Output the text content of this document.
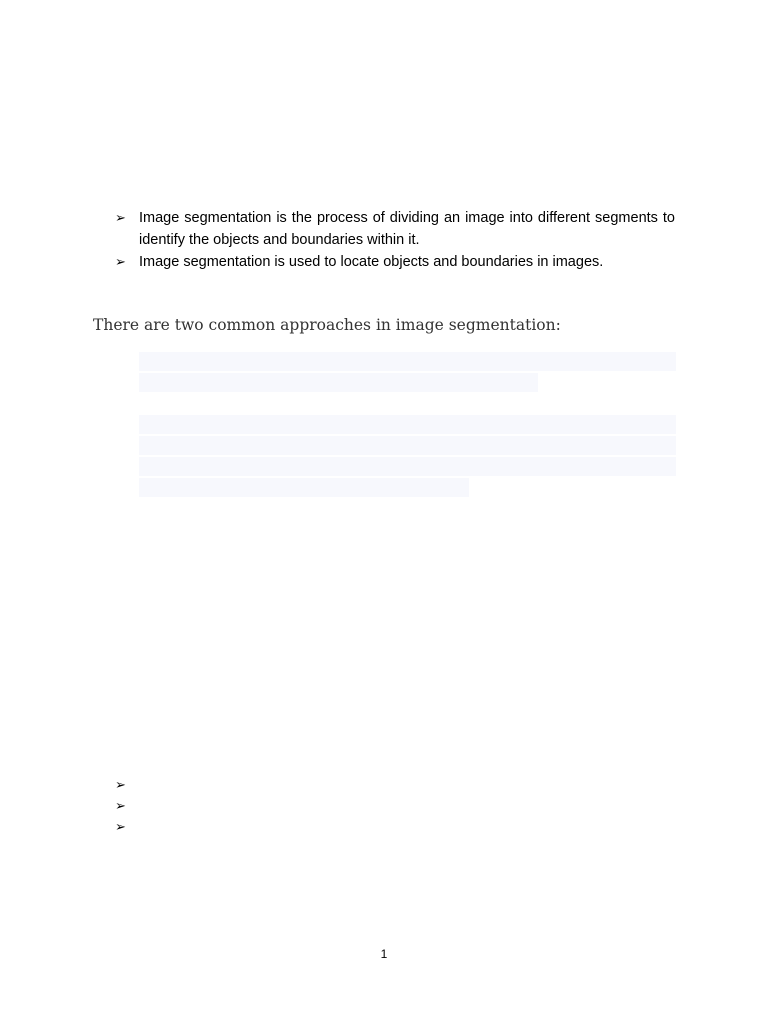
➢ Image segmentation is the process of dividing an image into different segments to identify the objects and boundaries within it.
➢ Image segmentation is used to locate objects and boundaries in images.
There are two common approaches in image segmentation:
➢
➢
➢
1
